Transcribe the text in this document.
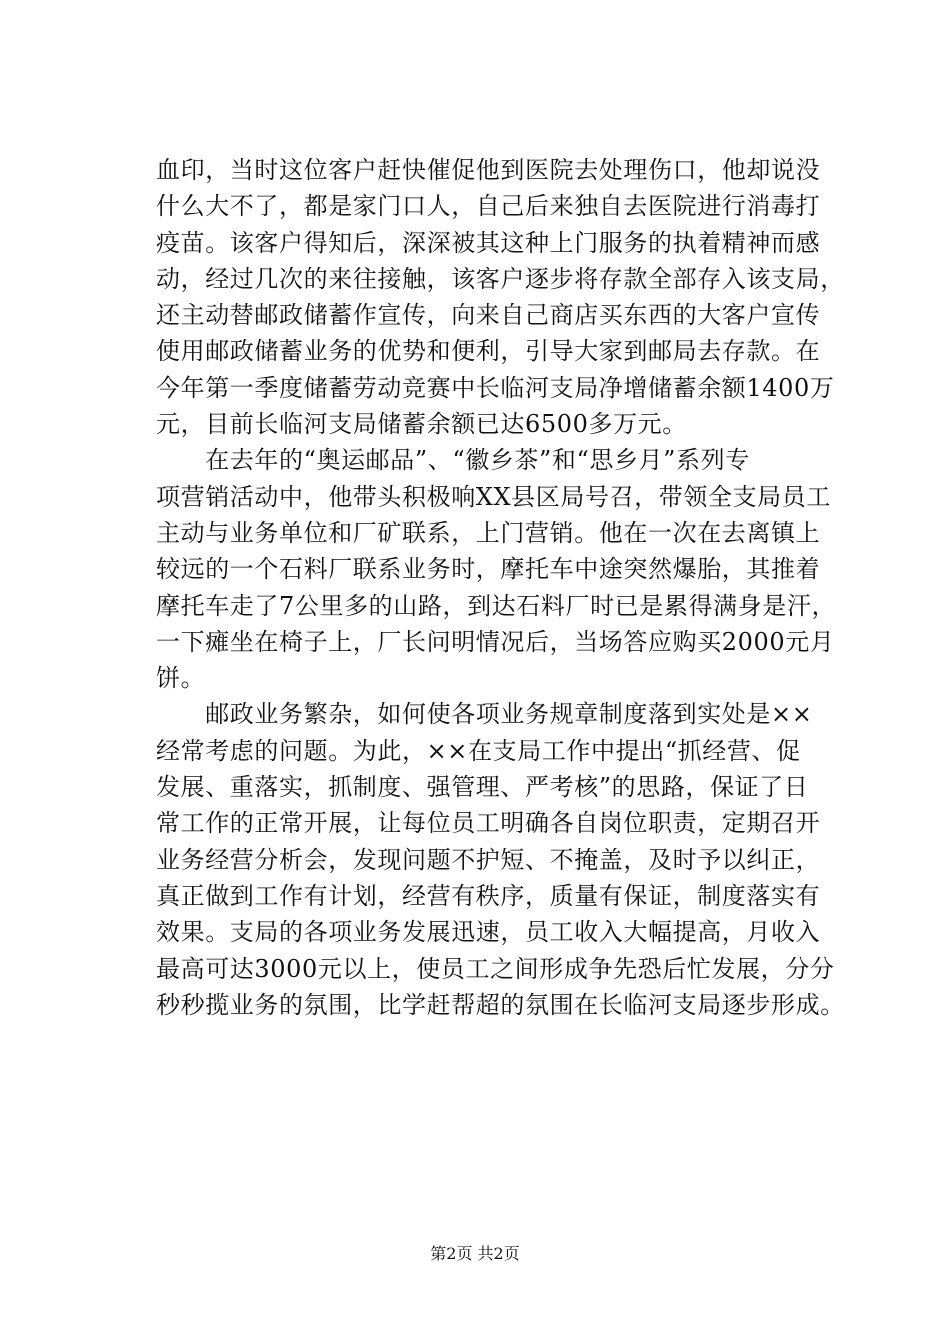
血印，当时这位客户赶快催促他到医院去处理伤口，他却说没
什么大不了，都是家门口人，自己后来独自去医院进行消毒打
疫苗。该客户得知后，深深被其这种上门服务的执着精神而感
动，经过几次的来往接触，该客户逐步将存款全部存入该支局，
还主动替邮政储蓄作宣传，向来自己商店买东西的大客户宣传
使用邮政储蓄业务的优势和便利，引导大家到邮局去存款。在
今年第一季度储蓄劳动竞赛中长临河支局净增储蓄余额1400万
元，目前长临河支局储蓄余额已达6500多万元。
　　在去年的“奥运邮品”、“徽乡茶”和“思乡月”系列专
项营销活动中，他带头积极响XX县区局号召，带领全支局员工
主动与业务单位和厂矿联系，上门营销。他在一次在去离镇上
较远的一个石料厂联系业务时，摩托车中途突然爆胎，其推着
摩托车走了7公里多的山路，到达石料厂时已是累得满身是汗，
一下瘫坐在椅子上，厂长问明情况后，当场答应购买2000元月
饼。
　　邮政业务繁杂，如何使各项业务规章制度落到实处是××
经常考虑的问题。为此，××在支局工作中提出“抓经营、促
发展、重落实，抓制度、强管理、严考核”的思路，保证了日
常工作的正常开展，让每位员工明确各自岗位职责，定期召开
业务经营分析会，发现问题不护短、不掩盖，及时予以纠正，
真正做到工作有计划，经营有秩序，质量有保证，制度落实有
效果。支局的各项业务发展迅速，员工收入大幅提高，月收入
最高可达3000元以上，使员工之间形成争先恐后忙发展，分分
秒秒揽业务的氛围，比学赶帮超的氛围在长临河支局逐步形成。
第2页 共2页
